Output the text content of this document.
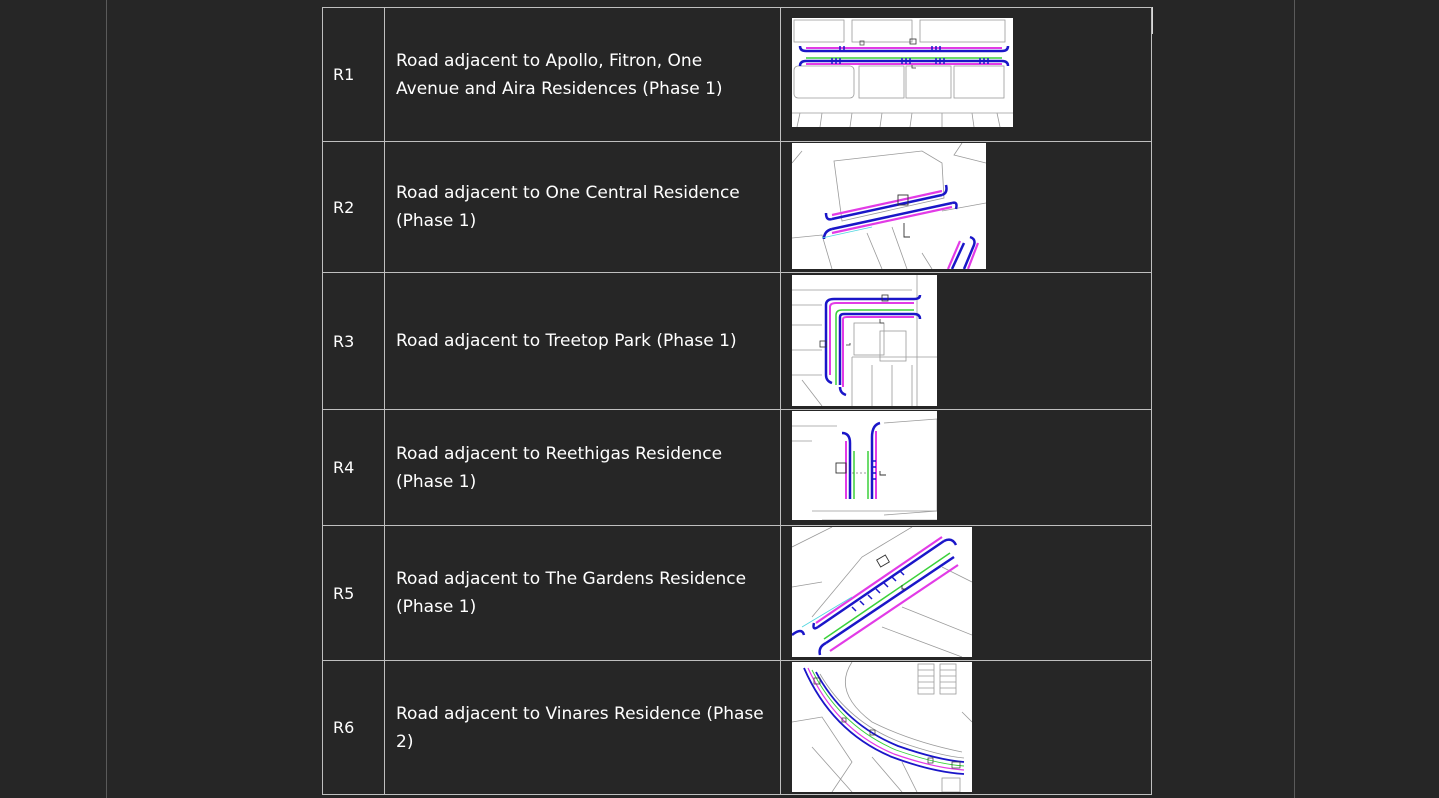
R1
Road adjacent to Apollo, Fitron, One Avenue and Aira Residences (Phase 1)
R2
Road adjacent to One Central Residence (Phase 1)
R3 Road adjacent to Treetop Park (Phase 1)
R4
Road adjacent to Reethigas Residence (Phase 1)
R5
Road adjacent to The Gardens Residence (Phase 1)
R6
Road adjacent to Vinares Residence (Phase 2)
